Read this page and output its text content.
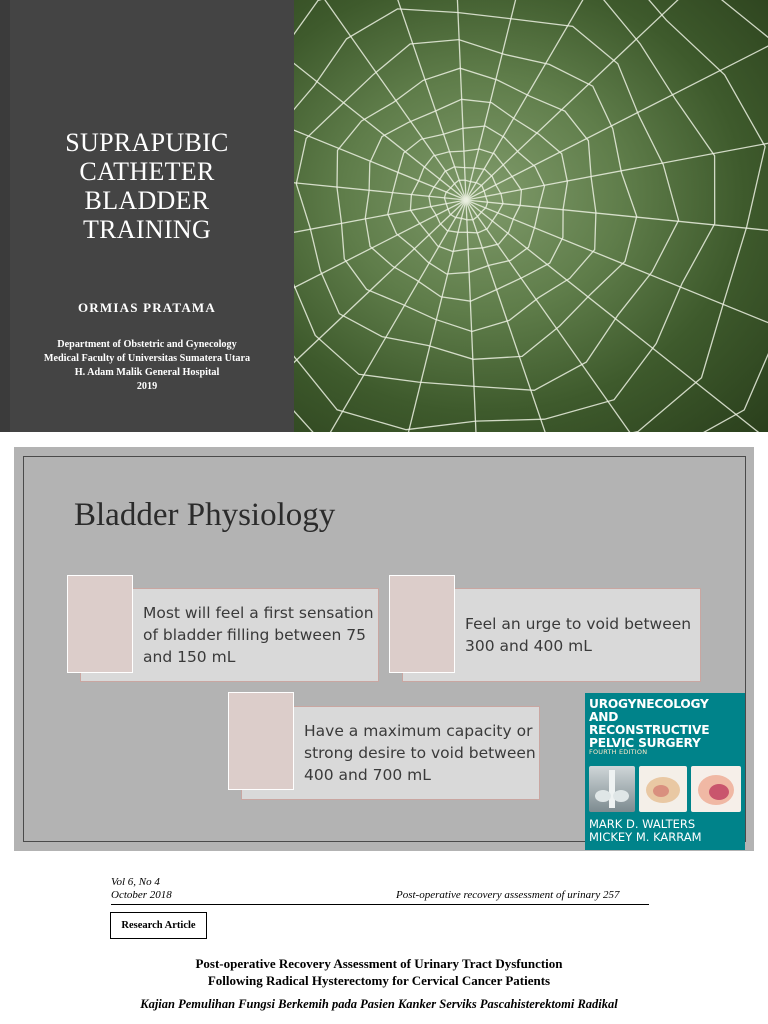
SUPRAPUBIC
CATHETER
BLADDER
TRAINING
ORMIAS PRATAMA
Department of Obstetric and Gynecology
Medical Faculty of Universitas Sumatera Utara
H. Adam Malik General Hospital
2019
Bladder Physiology
Most will feel a first sensation of bladder filling between 75 and 150 mL
Feel an urge to void between 300 and 400 mL
Have a maximum capacity or strong desire to void between 400 and 700 mL
UROGYNECOLOGY AND
RECONSTRUCTIVE
PELVIC SURGERY
FOURTH EDITION
MARK D. WALTERS
MICKEY M. KARRAM
Vol 6, No 4
October 2018	Post-operative recovery assessment of urinary 257
Research Article
Post-operative Recovery Assessment of Urinary Tract Dysfunction
Following Radical Hysterectomy for Cervical Cancer Patients
Kajian Pemulihan Fungsi Berkemih pada Pasien Kanker Serviks Pascahisterektomi Radikal
